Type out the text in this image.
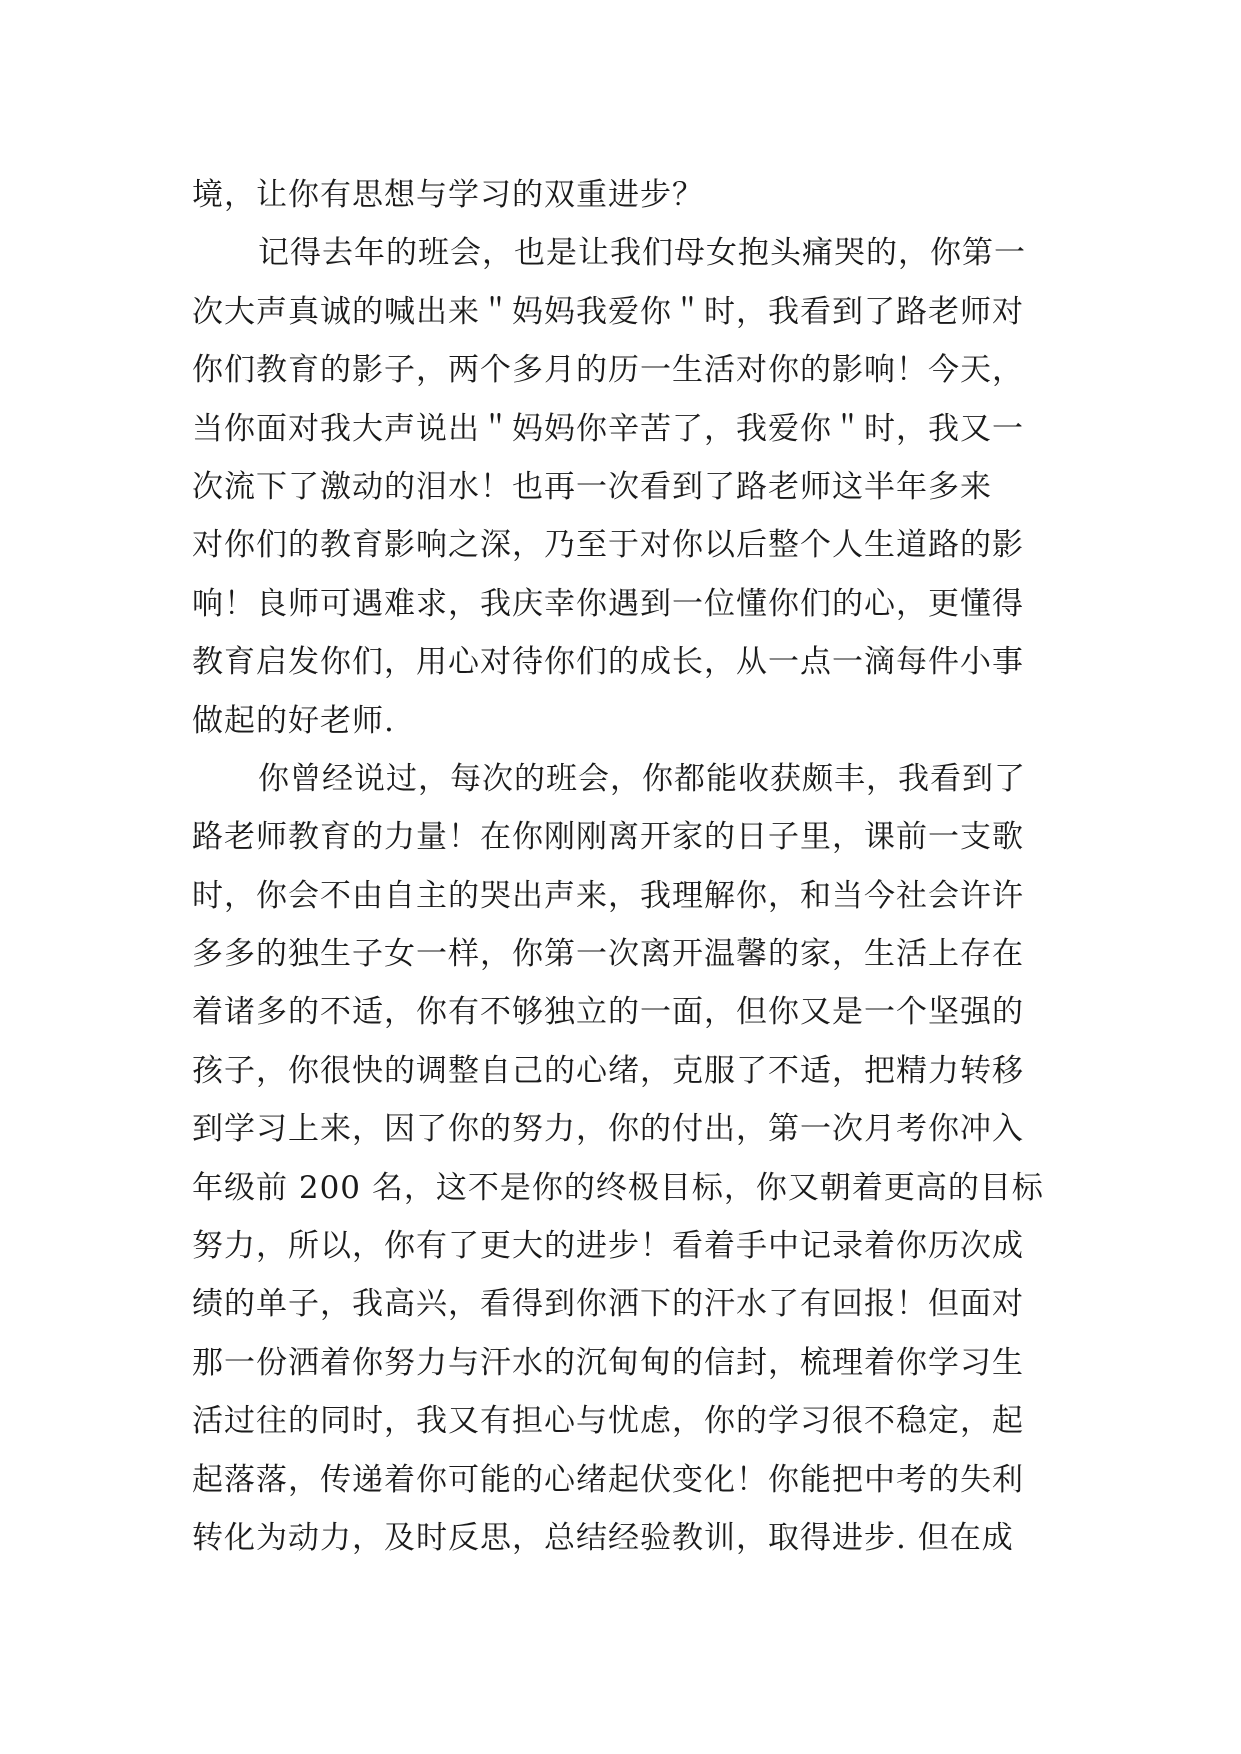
境，让你有思想与学习的双重进步？
记得去年的班会，也是让我们母女抱头痛哭的，你第一
次大声真诚的喊出来＂妈妈我爱你＂时，我看到了路老师对
你们教育的影子，两个多月的历一生活对你的影响！今天，
当你面对我大声说出＂妈妈你辛苦了，我爱你＂时，我又一
次流下了激动的泪水！也再一次看到了路老师这半年多来
对你们的教育影响之深，乃至于对你以后整个人生道路的影
响！良师可遇难求，我庆幸你遇到一位懂你们的心，更懂得
教育启发你们，用心对待你们的成长，从一点一滴每件小事
做起的好老师.
你曾经说过，每次的班会，你都能收获颇丰，我看到了
路老师教育的力量！在你刚刚离开家的日子里，课前一支歌
时，你会不由自主的哭出声来，我理解你，和当今社会许许
多多的独生子女一样，你第一次离开温馨的家，生活上存在
着诸多的不适，你有不够独立的一面，但你又是一个坚强的
孩子，你很快的调整自己的心绪，克服了不适，把精力转移
到学习上来，因了你的努力，你的付出，第一次月考你冲入
年级前 200 名，这不是你的终极目标，你又朝着更高的目标
努力，所以，你有了更大的进步！看着手中记录着你历次成
绩的单子，我高兴，看得到你洒下的汗水了有回报！但面对
那一份洒着你努力与汗水的沉甸甸的信封，梳理着你学习生
活过往的同时，我又有担心与忧虑，你的学习很不稳定，起
起落落，传递着你可能的心绪起伏变化！你能把中考的失利
转化为动力，及时反思，总结经验教训，取得进步. 但在成
